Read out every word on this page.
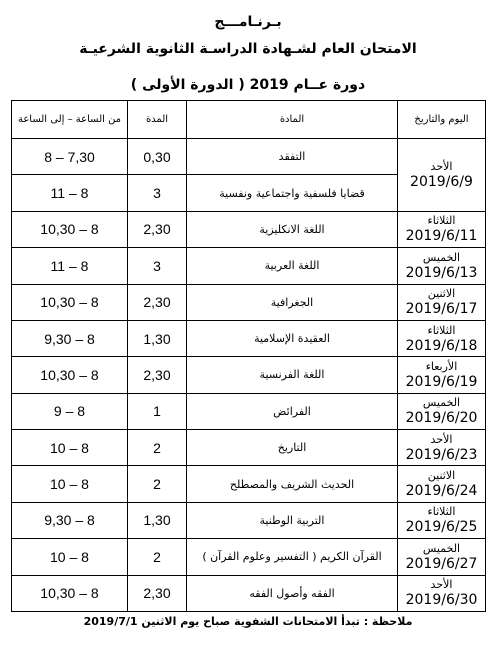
بـرنـامـــج
الامتحان العام لشـهادة الدراسـة الثانوية الشرعيـة
دورة عــام 2019 ( الدورة الأولى )
اليوم والتاريخ	المادة	المدة	من الساعة – إلى الساعة

الأحد
2019/6/9	التفقد	0,30	7,30 – 8
	قضايا فلسفية واجتماعية ونفسية	3	8 – 11

الثلاثاء
2019/6/11	اللغة الانكليزية	2,30	8 – 10,30

الخميس
2019/6/13	اللغة العربية	3	8 – 11

الاثنين
2019/6/17	الجغرافية	2,30	8 – 10,30

الثلاثاء
2019/6/18	العقيدة الإسلامية	1,30	8 – 9,30

الأربعاء
2019/6/19	اللغة الفرنسية	2,30	8 – 10,30

الخميس
2019/6/20	الفرائض	1	8 – 9

الأحد
2019/6/23	التاريخ	2	8 – 10

الاثنين
2019/6/24	الحديث الشريف والمصطلح	2	8 – 10

الثلاثاء
2019/6/25	التربية الوطنية	1,30	8 – 9,30

الخميس
2019/6/27	القرآن الكريم ( التفسير وعلوم القرآن )	2	8 – 10

الأحد
2019/6/30	الفقه وأصول الفقه	2,30	8 – 10,30
ملاحظة : تبدأ الامتحانات الشفوية صباح يوم الاثنين 2019/7/1
